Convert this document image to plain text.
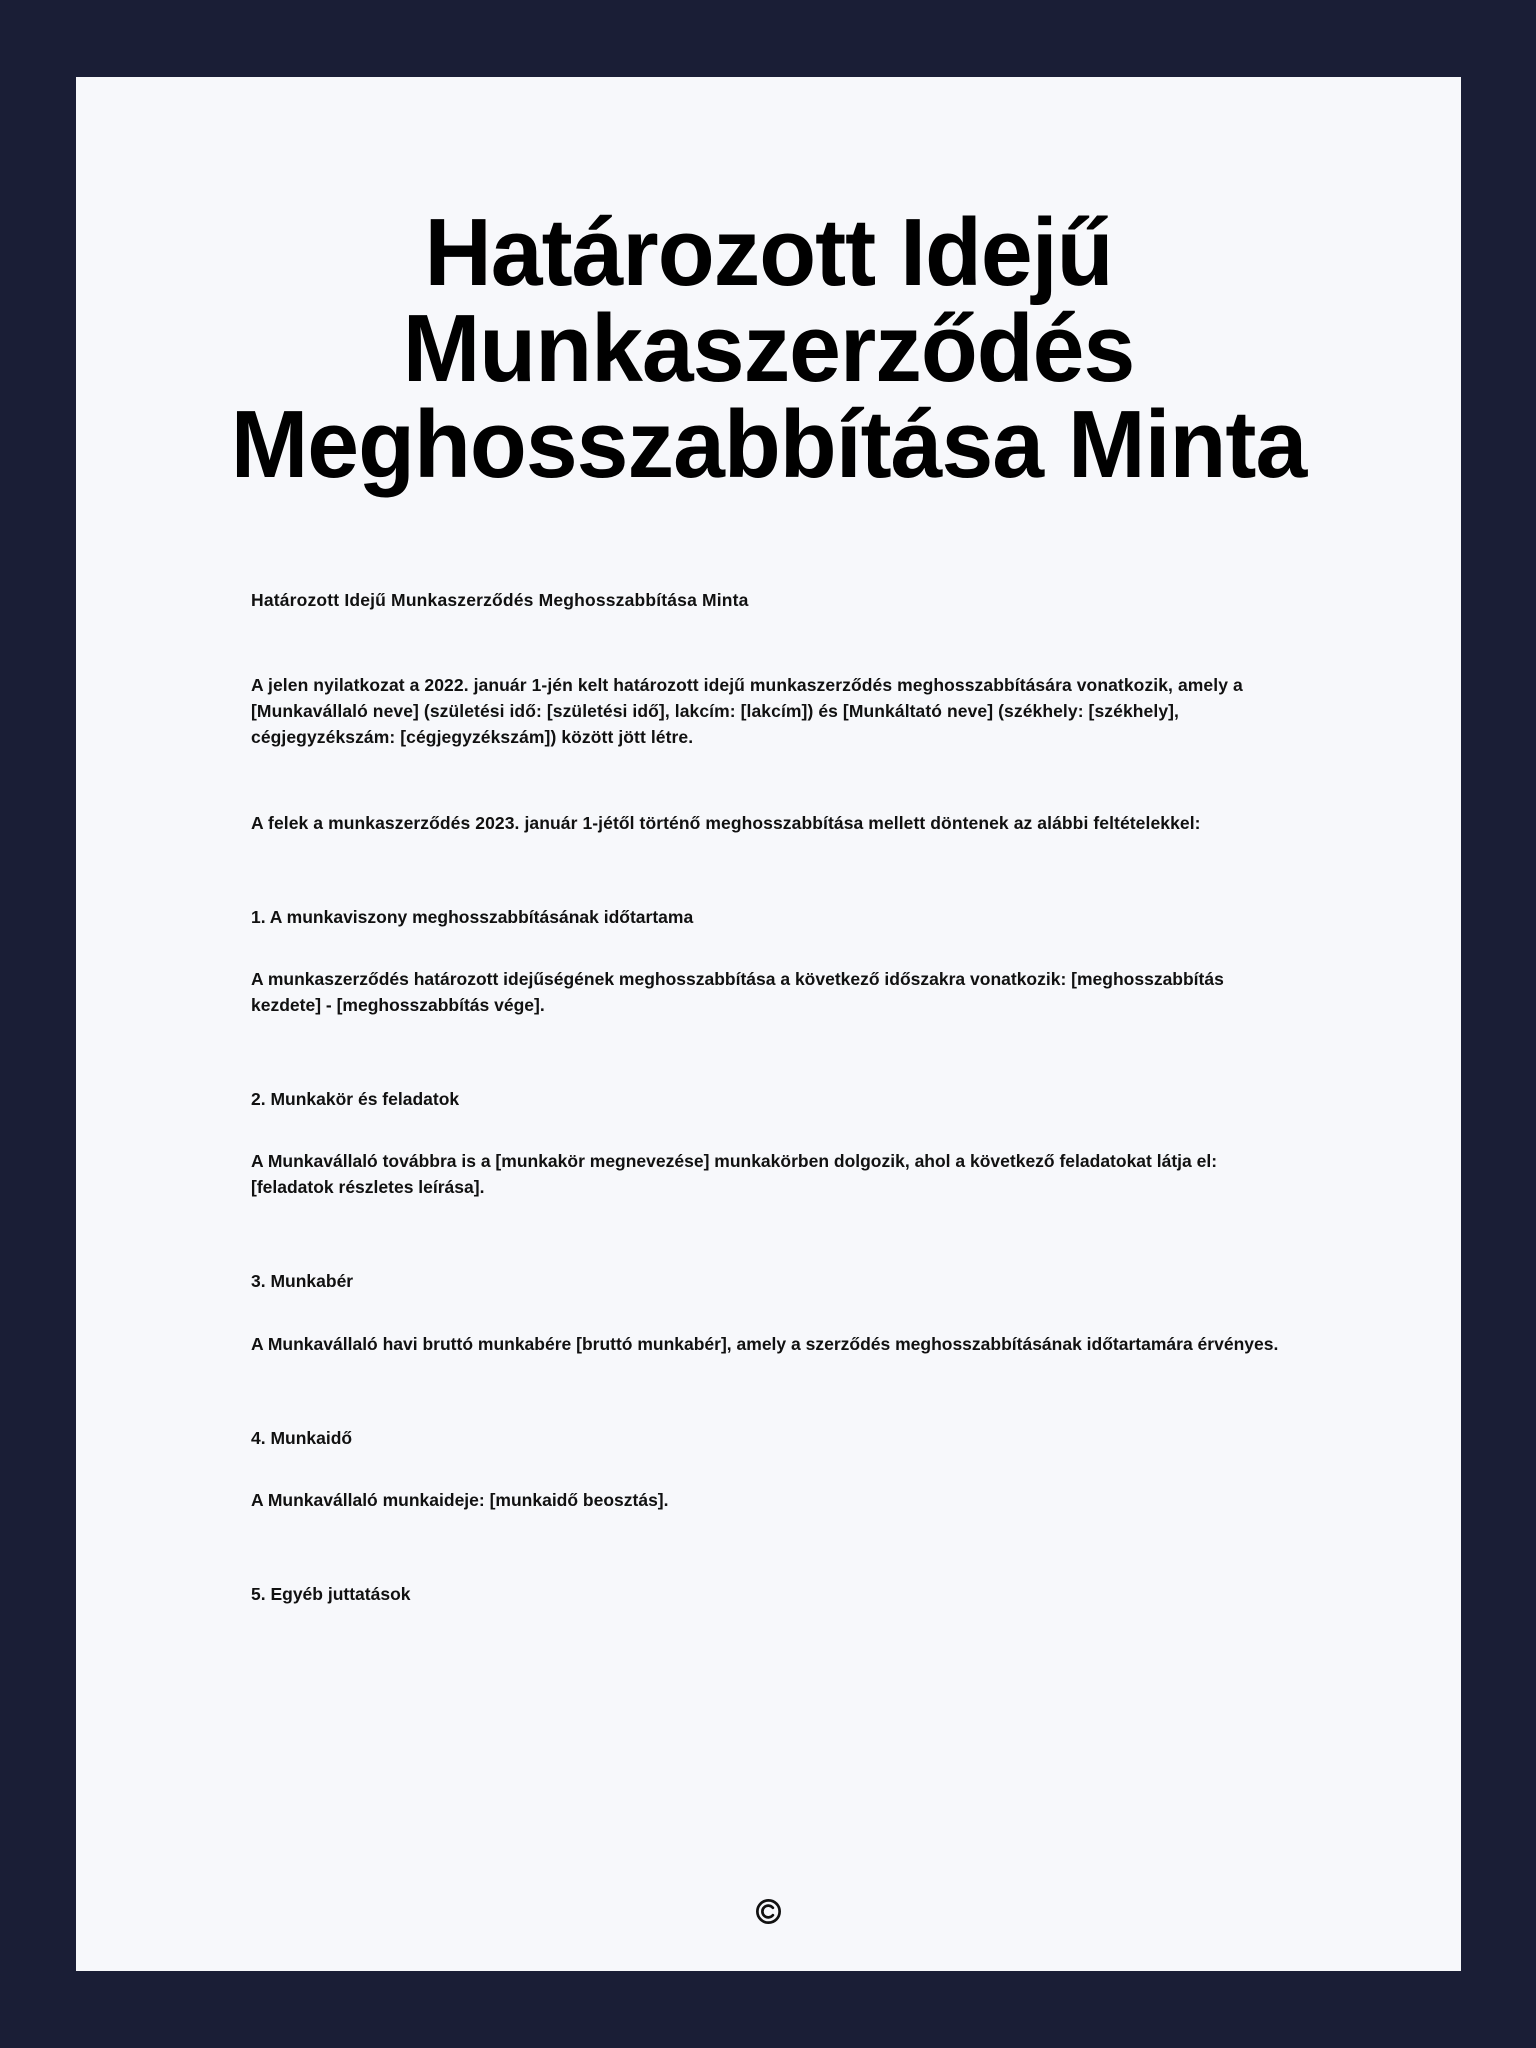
Határozott Idejű Munkaszerződés Meghosszabbítása Minta

Határozott Idejű Munkaszerződés Meghosszabbítása Minta

A jelen nyilatkozat a 2022. január 1-jén kelt határozott idejű munkaszerződés meghosszabbítására vonatkozik, amely a [Munkavállaló neve] (születési idő: [születési idő], lakcím: [lakcím]) és [Munkáltató neve] (székhely: [székhely], cégjegyzékszám: [cégjegyzékszám]) között jött létre.

A felek a munkaszerződés 2023. január 1-jétől történő meghosszabbítása mellett döntenek az alábbi feltételekkel:

1. A munkaviszony meghosszabbításának időtartama

A munkaszerződés határozott idejűségének meghosszabbítása a következő időszakra vonatkozik: [meghosszabbítás kezdete] - [meghosszabbítás vége].

2. Munkakör és feladatok

A Munkavállaló továbbra is a [munkakör megnevezése] munkakörben dolgozik, ahol a következő feladatokat látja el: [feladatok részletes leírása].

3. Munkabér

A Munkavállaló havi bruttó munkabére [bruttó munkabér], amely a szerződés meghosszabbításának időtartamára érvényes.

4. Munkaidő

A Munkavállaló munkaideje: [munkaidő beosztás].

5. Egyéb juttatások
